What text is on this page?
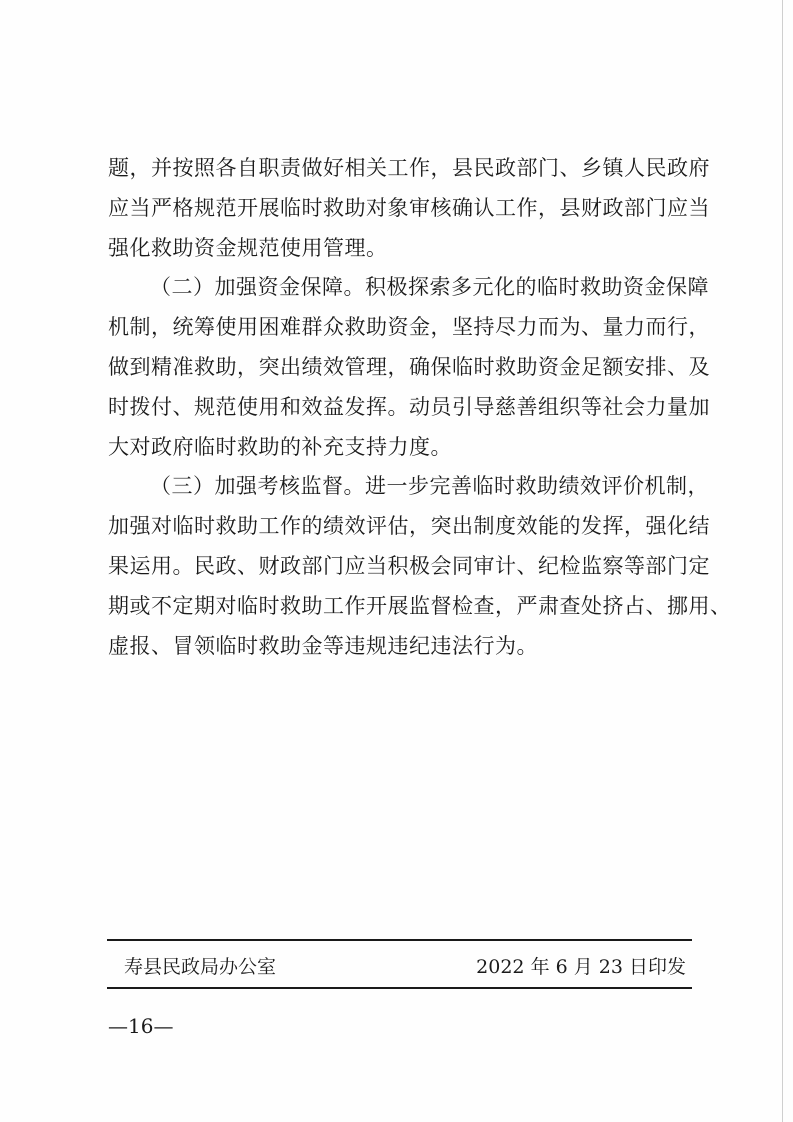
题，并按照各自职责做好相关工作，县民政部门、乡镇人民政府
应当严格规范开展临时救助对象审核确认工作，县财政部门应当
强化救助资金规范使用管理。
（二）加强资金保障。积极探索多元化的临时救助资金保障
机制，统筹使用困难群众救助资金，坚持尽力而为、量力而行，
做到精准救助，突出绩效管理，确保临时救助资金足额安排、及
时拨付、规范使用和效益发挥。动员引导慈善组织等社会力量加
大对政府临时救助的补充支持力度。
（三）加强考核监督。进一步完善临时救助绩效评价机制，
加强对临时救助工作的绩效评估，突出制度效能的发挥，强化结
果运用。民政、财政部门应当积极会同审计、纪检监察等部门定
期或不定期对临时救助工作开展监督检查，严肃查处挤占、挪用、
虚报、冒领临时救助金等违规违纪违法行为。
寿县民政局办公室	2022 年 6 月 23 日印发
—16—
